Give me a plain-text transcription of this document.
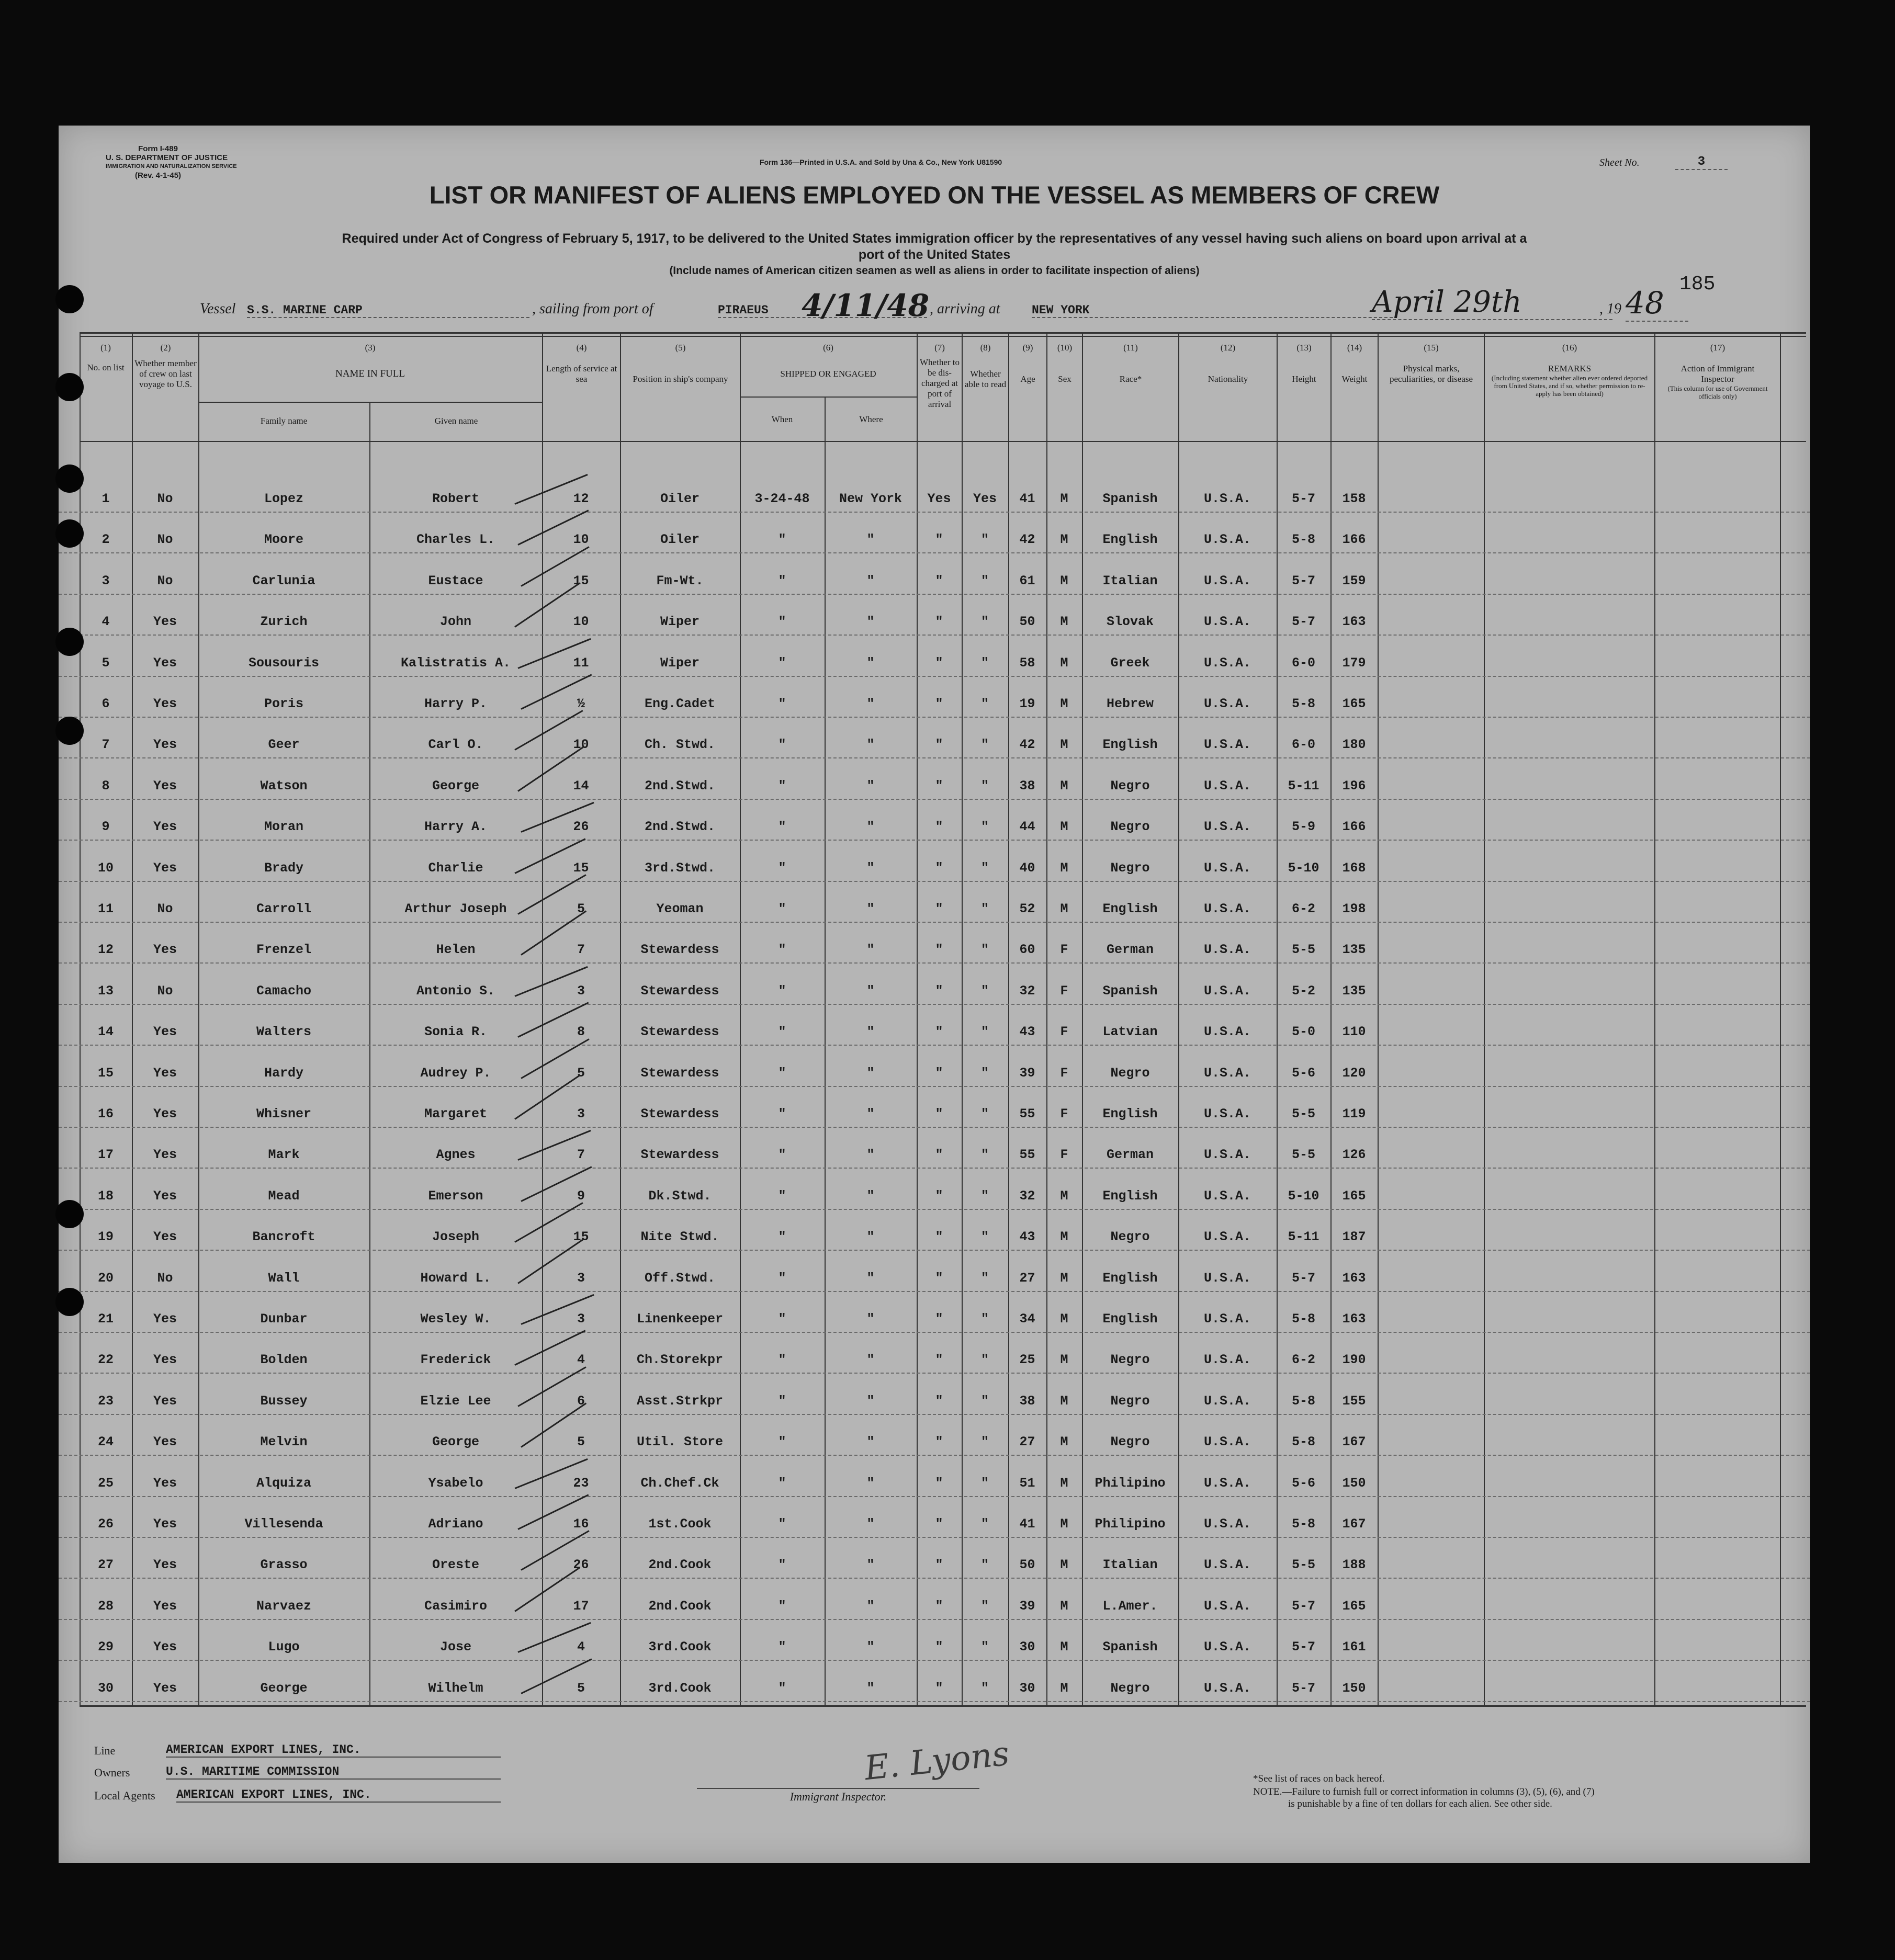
Form I-489
U. S. DEPARTMENT OF JUSTICE
IMMIGRATION AND NATURALIZATION SERVICE
(Rev. 4-1-45)
Form 136—Printed in U.S.A. and Sold by Una & Co., New York U81590	Sheet No.	3
LIST OR MANIFEST OF ALIENS EMPLOYED ON THE VESSEL AS MEMBERS OF CREW
Required under Act of Congress of February 5, 1917, to be delivered to the United States immigration officer by the representatives of any vessel having such aliens on board upon arrival at a
port of the United States
(Include names of American citizen seamen as well as aliens in order to facilitate inspection of aliens)
185
Vessel S.S. MARINE CARP	, sailing from port of	PIRAEUS	4/11/48 , arriving at	NEW YORK	April 29th	, 19 48
(1)
No. on list
(2)
Whether member of crew on last voyage to U.S.
(3)
NAME IN FULL
Family name	Given name
(4)
Length of service at sea
(5)
Position in ship's company
(6)
SHIPPED OR ENGAGED
When	Where
(7)
Whether to be dis-charged at port of arrival
(8)
Whether able to read
(9)
Age
(10)
Sex
(11)
Race*
(12)
Nationality
(13)
Height
(14)
Weight
(15)
Physical marks, peculiarities, or disease
(16)
REMARKS
(Including statement whether alien ever ordered deported from United States, and if so, whether permission to re-apply has been obtained)
(17)
Action of Immigrant Inspector
(This column for use of Government officials only)
1	No	Lopez	Robert	12	Oiler	3-24-48	New York	Yes	Yes	41	M	Spanish	U.S.A.	5-7	158
2	No	Moore	Charles L.	10	Oiler	"	"	"	"	42	M	English	U.S.A.	5-8	166
3	No	Carlunia	Eustace	15	Fm-Wt.	"	"	"	"	61	M	Italian	U.S.A.	5-7	159
4	Yes	Zurich	John	10	Wiper	"	"	"	"	50	M	Slovak	U.S.A.	5-7	163
5	Yes	Sousouris	Kalistratis A.	11	Wiper	"	"	"	"	58	M	Greek	U.S.A.	6-0	179
6	Yes	Poris	Harry P.	½	Eng.Cadet	"	"	"	"	19	M	Hebrew	U.S.A.	5-8	165
7	Yes	Geer	Carl O.	10	Ch. Stwd.	"	"	"	"	42	M	English	U.S.A.	6-0	180
8	Yes	Watson	George	14	2nd.Stwd.	"	"	"	"	38	M	Negro	U.S.A.	5-11	196
9	Yes	Moran	Harry A.	26	2nd.Stwd.	"	"	"	"	44	M	Negro	U.S.A.	5-9	166
10	Yes	Brady	Charlie	15	3rd.Stwd.	"	"	"	"	40	M	Negro	U.S.A.	5-10	168
11	No	Carroll	Arthur Joseph	5	Yeoman	"	"	"	"	52	M	English	U.S.A.	6-2	198
12	Yes	Frenzel	Helen	7	Stewardess	"	"	"	"	60	F	German	U.S.A.	5-5	135
13	No	Camacho	Antonio S.	3	Stewardess	"	"	"	"	32	F	Spanish	U.S.A.	5-2	135
14	Yes	Walters	Sonia R.	8	Stewardess	"	"	"	"	43	F	Latvian	U.S.A.	5-0	110
15	Yes	Hardy	Audrey P.	5	Stewardess	"	"	"	"	39	F	Negro	U.S.A.	5-6	120
16	Yes	Whisner	Margaret	3	Stewardess	"	"	"	"	55	F	English	U.S.A.	5-5	119
17	Yes	Mark	Agnes	7	Stewardess	"	"	"	"	55	F	German	U.S.A.	5-5	126
18	Yes	Mead	Emerson	9	Dk.Stwd.	"	"	"	"	32	M	English	U.S.A.	5-10	165
19	Yes	Bancroft	Joseph	15	Nite Stwd.	"	"	"	"	43	M	Negro	U.S.A.	5-11	187
20	No	Wall	Howard L.	3	Off.Stwd.	"	"	"	"	27	M	English	U.S.A.	5-7	163
21	Yes	Dunbar	Wesley W.	3	Linenkeeper	"	"	"	"	34	M	English	U.S.A.	5-8	163
22	Yes	Bolden	Frederick	4	Ch.Storekpr	"	"	"	"	25	M	Negro	U.S.A.	6-2	190
23	Yes	Bussey	Elzie Lee	6	Asst.Strkpr	"	"	"	"	38	M	Negro	U.S.A.	5-8	155
24	Yes	Melvin	George	5	Util. Store	"	"	"	"	27	M	Negro	U.S.A.	5-8	167
25	Yes	Alquiza	Ysabelo	23	Ch.Chef.Ck	"	"	"	"	51	M	Philipino	U.S.A.	5-6	150
26	Yes	Villesenda	Adriano	16	1st.Cook	"	"	"	"	41	M	Philipino	U.S.A.	5-8	167
27	Yes	Grasso	Oreste	26	2nd.Cook	"	"	"	"	50	M	Italian	U.S.A.	5-5	188
28	Yes	Narvaez	Casimiro	17	2nd.Cook	"	"	"	"	39	M	L.Amer.	U.S.A.	5-7	165
29	Yes	Lugo	Jose	4	3rd.Cook	"	"	"	"	30	M	Spanish	U.S.A.	5-7	161
30	Yes	George	Wilhelm	5	3rd.Cook	"	"	"	"	30	M	Negro	U.S.A.	5-7	150
Line	AMERICAN EXPORT LINES, INC.
Owners	U.S. MARITIME COMMISSION
Local Agents AMERICAN EXPORT LINES, INC.
E. Lyons
Immigrant Inspector.
*See list of races on back hereof.
NOTE.—Failure to furnish full or correct information in columns (3), (5), (6), and (7)
is punishable by a fine of ten dollars for each alien. See other side.
